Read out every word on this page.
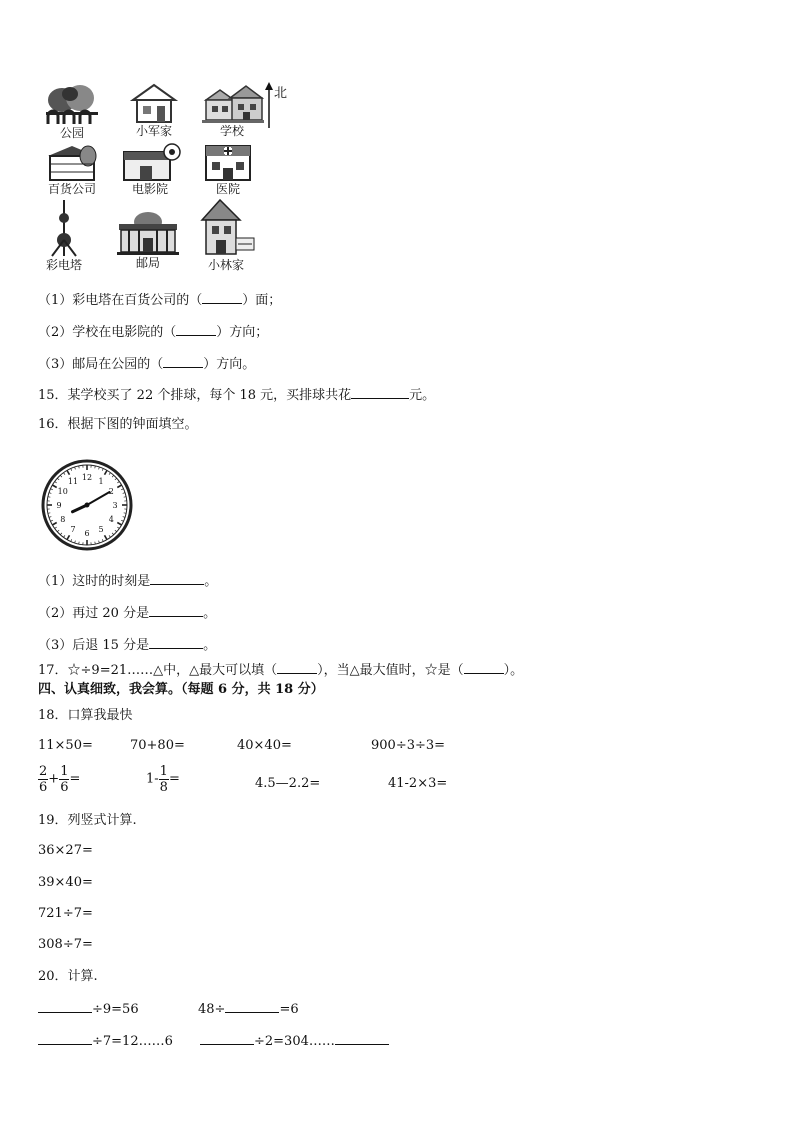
公园	小军家	学校
北
百货公司	电影院	医院
彩电塔	邮局	小林家
（1）彩电塔在百货公司的（	）面；
（2）学校在电影院的（	）方向；
（3）邮局在公园的（	）方向。
15．某学校买了 22 个排球，每个 18 元，买排球共花	元。
16．根据下图的钟面填空。
12 1
2
3
4
5
6
7
8
9
10
11
（1）这时的时刻是	。
（2）再过 20 分是	。
（3）后退 15 分是	。
17．☆÷9=21……△中，△最大可以填（	），当△最大值时，☆是（	）。
四、认真细致，我会算。（每题 6 分，共 18 分）
18．口算我最快
11×50=	70+80=	40×40=	900÷3÷3=
$\frac{2}{6} + \frac{1}{6}$ =	$1- \frac{1}{8}$ =	4.5—2.2=	41-2×3=
19．列竖式计算.
36×27=
39×40=
721÷7=
308÷7=
20．计算.
÷9=56	48÷	=6
÷7=12……6	÷2=304……
